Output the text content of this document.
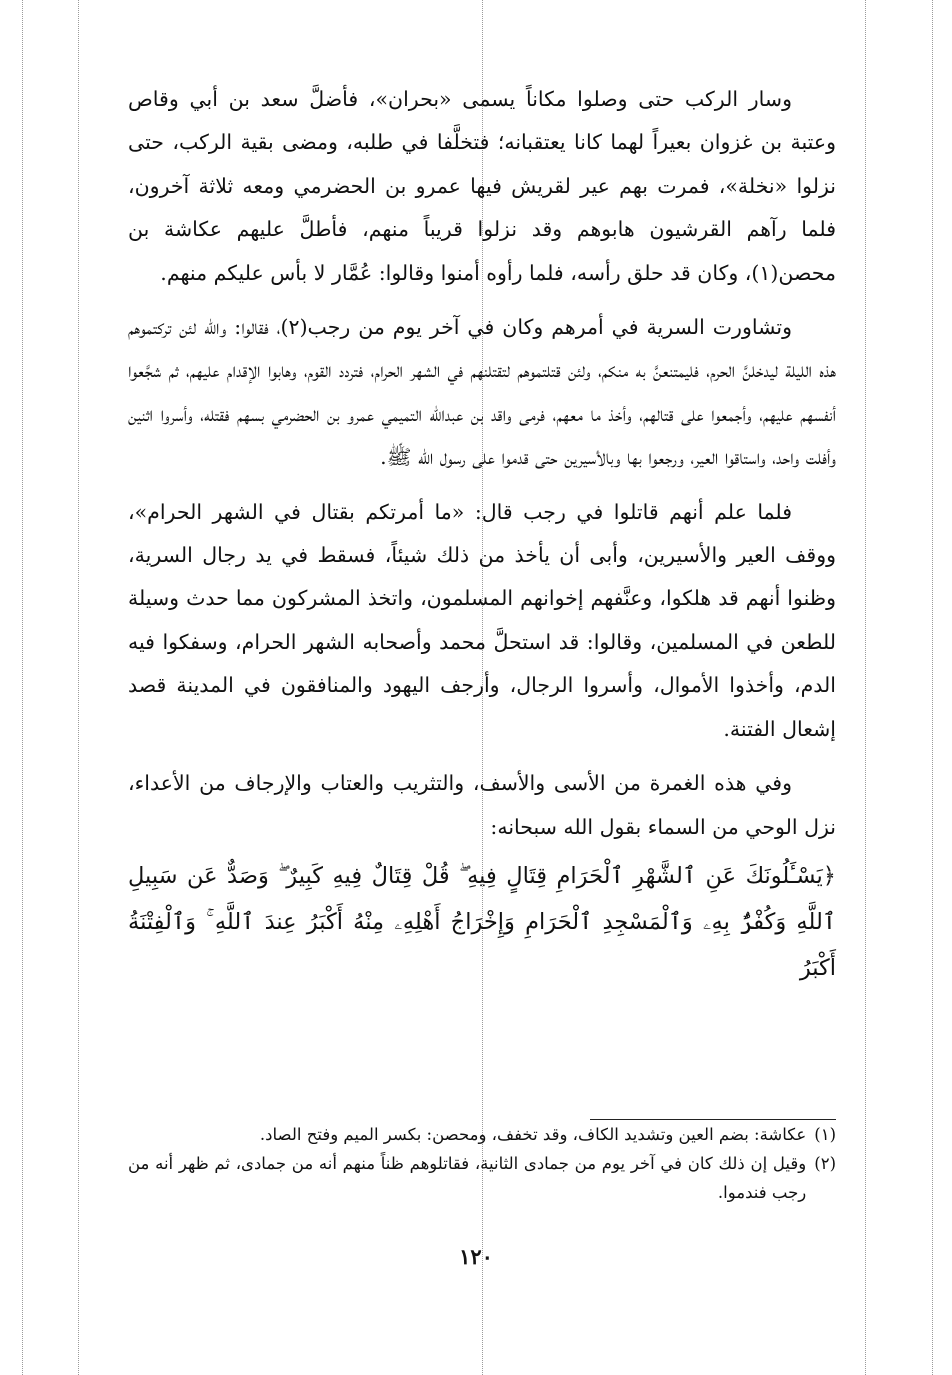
وسار الركب حتى وصلوا مكاناً يسمى «بحران»، فأضلَّ سعد بن أبي وقاص وعتبة بن غزوان بعيراً لهما كانا يعتقبانه؛ فتخلَّفا في طلبه، ومضى بقية الركب، حتى نزلوا «نخلة»، فمرت بهم عير لقريش فيها عمرو بن الحضرمي ومعه ثلاثة آخرون، فلما رآهم القرشيون هابوهم وقد نزلوا قريباً منهم، فأطلَّ عليهم عكاشة بن محصن(١)، وكان قد حلق رأسه، فلما رأوه أمنوا وقالوا: عُمَّار لا بأس عليكم منهم.

وتشاورت السرية في أمرهم وكان في آخر يوم من رجب(٢)، فقالوا: والله لئن تركتموهم هذه الليلة ليدخلنَّ الحرم، فليمتنعنَّ به منكم، ولئن قتلتموهم لتقتلنهم في الشهر الحرام، فتردد القوم، وهابوا الإقدام عليهم، ثم شجَّعوا أنفسهم عليهم، وأجمعوا على قتالهم، وأخذ ما معهم، فرمى واقد بن عبدالله التميمي عمرو بن الحضرمي بسهم فقتله، وأسروا اثنين وأفلت واحد، واستاقوا العير، ورجعوا بها وبالأسيرين حتى قدموا على رسول الله ﷺ.

فلما علم أنهم قاتلوا في رجب قال: «ما أمرتكم بقتال في الشهر الحرام»، ووقف العير والأسيرين، وأبى أن يأخذ من ذلك شيئاً، فسقط في يد رجال السرية، وظنوا أنهم قد هلكوا، وعنَّفهم إخوانهم المسلمون، واتخذ المشركون مما حدث وسيلة للطعن في المسلمين، وقالوا: قد استحلَّ محمد وأصحابه الشهر الحرام، وسفكوا فيه الدم، وأخذوا الأموال، وأسروا الرجال، وأرجف اليهود والمنافقون في المدينة قصد إشعال الفتنة.

وفي هذه الغمرة من الأسى والأسف، والتثريب والعتاب والإرجاف من الأعداء، نزل الوحي من السماء بقول الله سبحانه:

﴿يَسْـَٔلُونَكَ عَنِ ٱلشَّهْرِ ٱلْحَرَامِ قِتَالٍ فِيهِ ۖ قُلْ قِتَالٌ فِيهِ كَبِيرٌ ۖ وَصَدٌّ عَن سَبِيلِ ٱللَّهِ وَكُفْرٌۢ بِهِۦ وَٱلْمَسْجِدِ ٱلْحَرَامِ وَإِخْرَاجُ أَهْلِهِۦ مِنْهُ أَكْبَرُ عِندَ ٱللَّهِ ۚ وَٱلْفِتْنَةُ أَكْبَرُ
(١)
عكاشة: بضم العين وتشديد الكاف، وقد تخفف، ومحصن: بكسر الميم وفتح الصاد.
(٢)
وقيل إن ذلك كان في آخر يوم من جمادى الثانية، فقاتلوهم ظناً منهم أنه من جمادى، ثم ظهر أنه من رجب فندموا.
١٢٠
